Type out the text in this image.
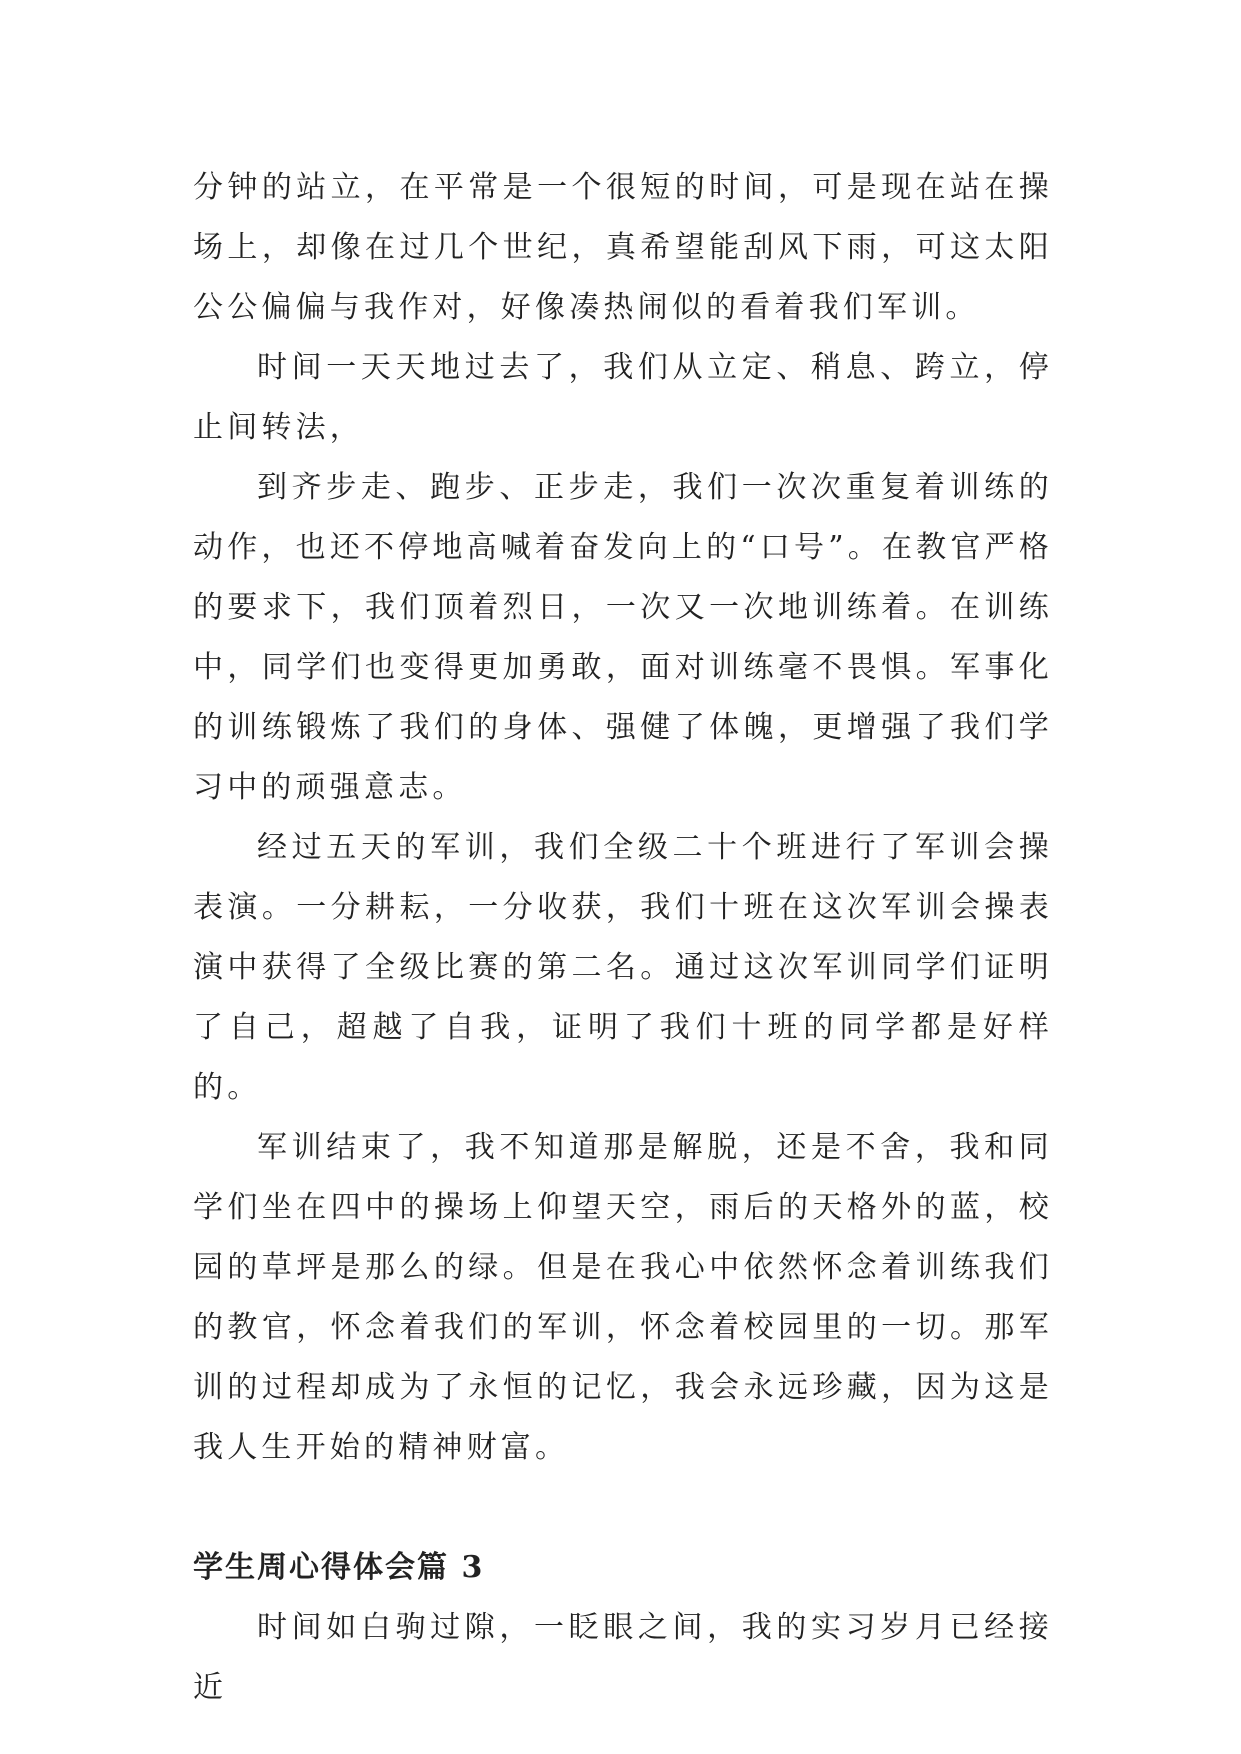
分钟的站立，在平常是一个很短的时间，可是现在站在操场上，却像在过几个世纪，真希望能刮风下雨，可这太阳公公偏偏与我作对，好像凑热闹似的看着我们军训。

时间一天天地过去了，我们从立定、稍息、跨立，停止间转法，

到齐步走、跑步、正步走，我们一次次重复着训练的动作，也还不停地高喊着奋发向上的“口号”。在教官严格的要求下，我们顶着烈日，一次又一次地训练着。在训练中，同学们也变得更加勇敢，面对训练毫不畏惧。军事化的训练锻炼了我们的身体、强健了体魄，更增强了我们学习中的顽强意志。

经过五天的军训，我们全级二十个班进行了军训会操表演。一分耕耘，一分收获，我们十班在这次军训会操表演中获得了全级比赛的第二名。通过这次军训同学们证明了自己，超越了自我，证明了我们十班的同学都是好样的。

军训结束了，我不知道那是解脱，还是不舍，我和同学们坐在四中的操场上仰望天空，雨后的天格外的蓝，校园的草坪是那么的绿。但是在我心中依然怀念着训练我们的教官，怀念着我们的军训，怀念着校园里的一切。那军训的过程却成为了永恒的记忆，我会永远珍藏，因为这是我人生开始的精神财富。

学生周心得体会篇 3

时间如白驹过隙，一眨眼之间，我的实习岁月已经接近
